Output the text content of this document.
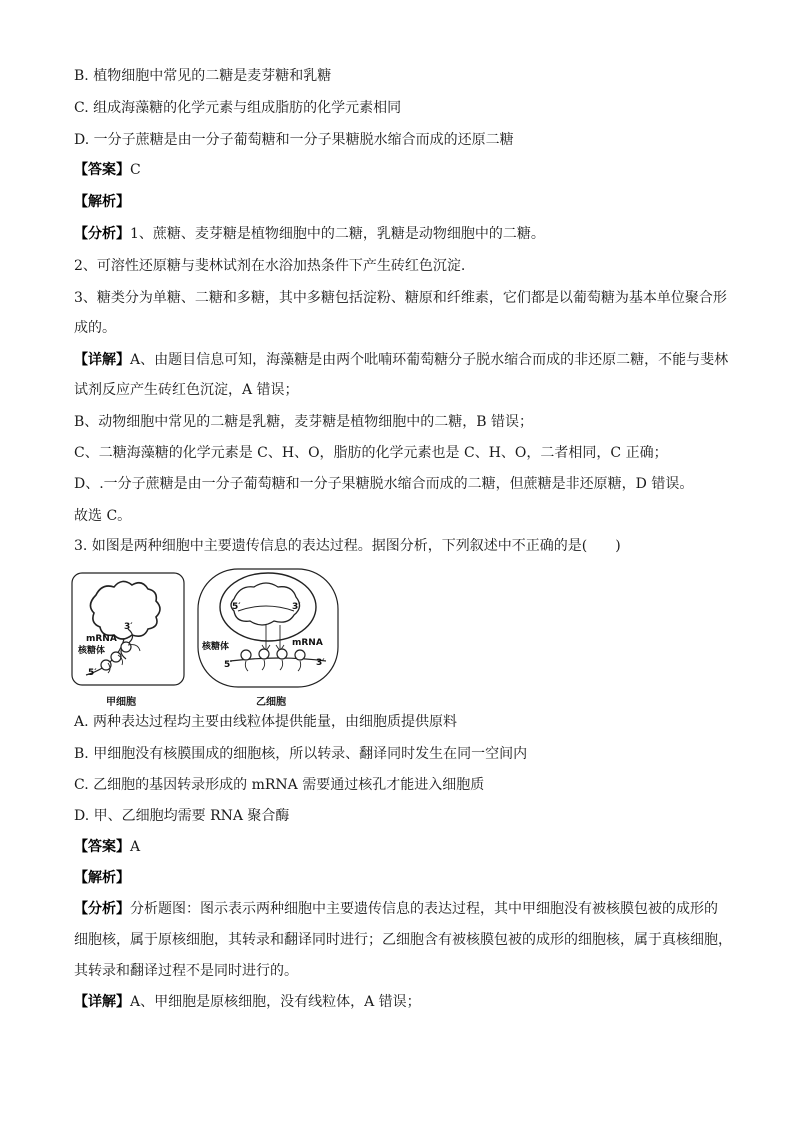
B. 植物细胞中常见的二糖是麦芽糖和乳糖
C. 组成海藻糖的化学元素与组成脂肪的化学元素相同
D. 一分子蔗糖是由一分子葡萄糖和一分子果糖脱水缩合而成的还原二糖
【答案】C
【解析】
【分析】1、蔗糖、麦芽糖是植物细胞中的二糖，乳糖是动物细胞中的二糖。
2、可溶性还原糖与斐林试剂在水浴加热条件下产生砖红色沉淀.
3、糖类分为单糖、二糖和多糖，其中多糖包括淀粉、糖原和纤维素，它们都是以葡萄糖为基本单位聚合形
成的。
【详解】A、由题目信息可知，海藻糖是由两个吡喃环葡萄糖分子脱水缩合而成的非还原二糖，不能与斐林
试剂反应产生砖红色沉淀，A 错误；
B、动物细胞中常见的二糖是乳糖，麦芽糖是植物细胞中的二糖，B 错误；
C、二糖海藻糖的化学元素是 C、H、O，脂肪的化学元素也是 C、H、O，二者相同，C 正确；
D、.一分子蔗糖是由一分子葡萄糖和一分子果糖脱水缩合而成的二糖，但蔗糖是非还原糖，D 错误。
故选 C。
3. 如图是两种细胞中主要遗传信息的表达过程。据图分析，下列叙述中不正确的是(　　)
3′
mRNA
核糖体
5′
甲细胞
5′	3′
核糖体	mRNA
5′	3′
乙细胞
A. 两种表达过程均主要由线粒体提供能量，由细胞质提供原料
B. 甲细胞没有核膜围成的细胞核，所以转录、翻译同时发生在同一空间内
C. 乙细胞的基因转录形成的 mRNA 需要通过核孔才能进入细胞质
D. 甲、乙细胞均需要 RNA 聚合酶
【答案】A
【解析】
【分析】分析题图：图示表示两种细胞中主要遗传信息的表达过程，其中甲细胞没有被核膜包被的成形的
细胞核，属于原核细胞，其转录和翻译同时进行；乙细胞含有被核膜包被的成形的细胞核，属于真核细胞，
其转录和翻译过程不是同时进行的。
【详解】A、甲细胞是原核细胞，没有线粒体，A 错误；
